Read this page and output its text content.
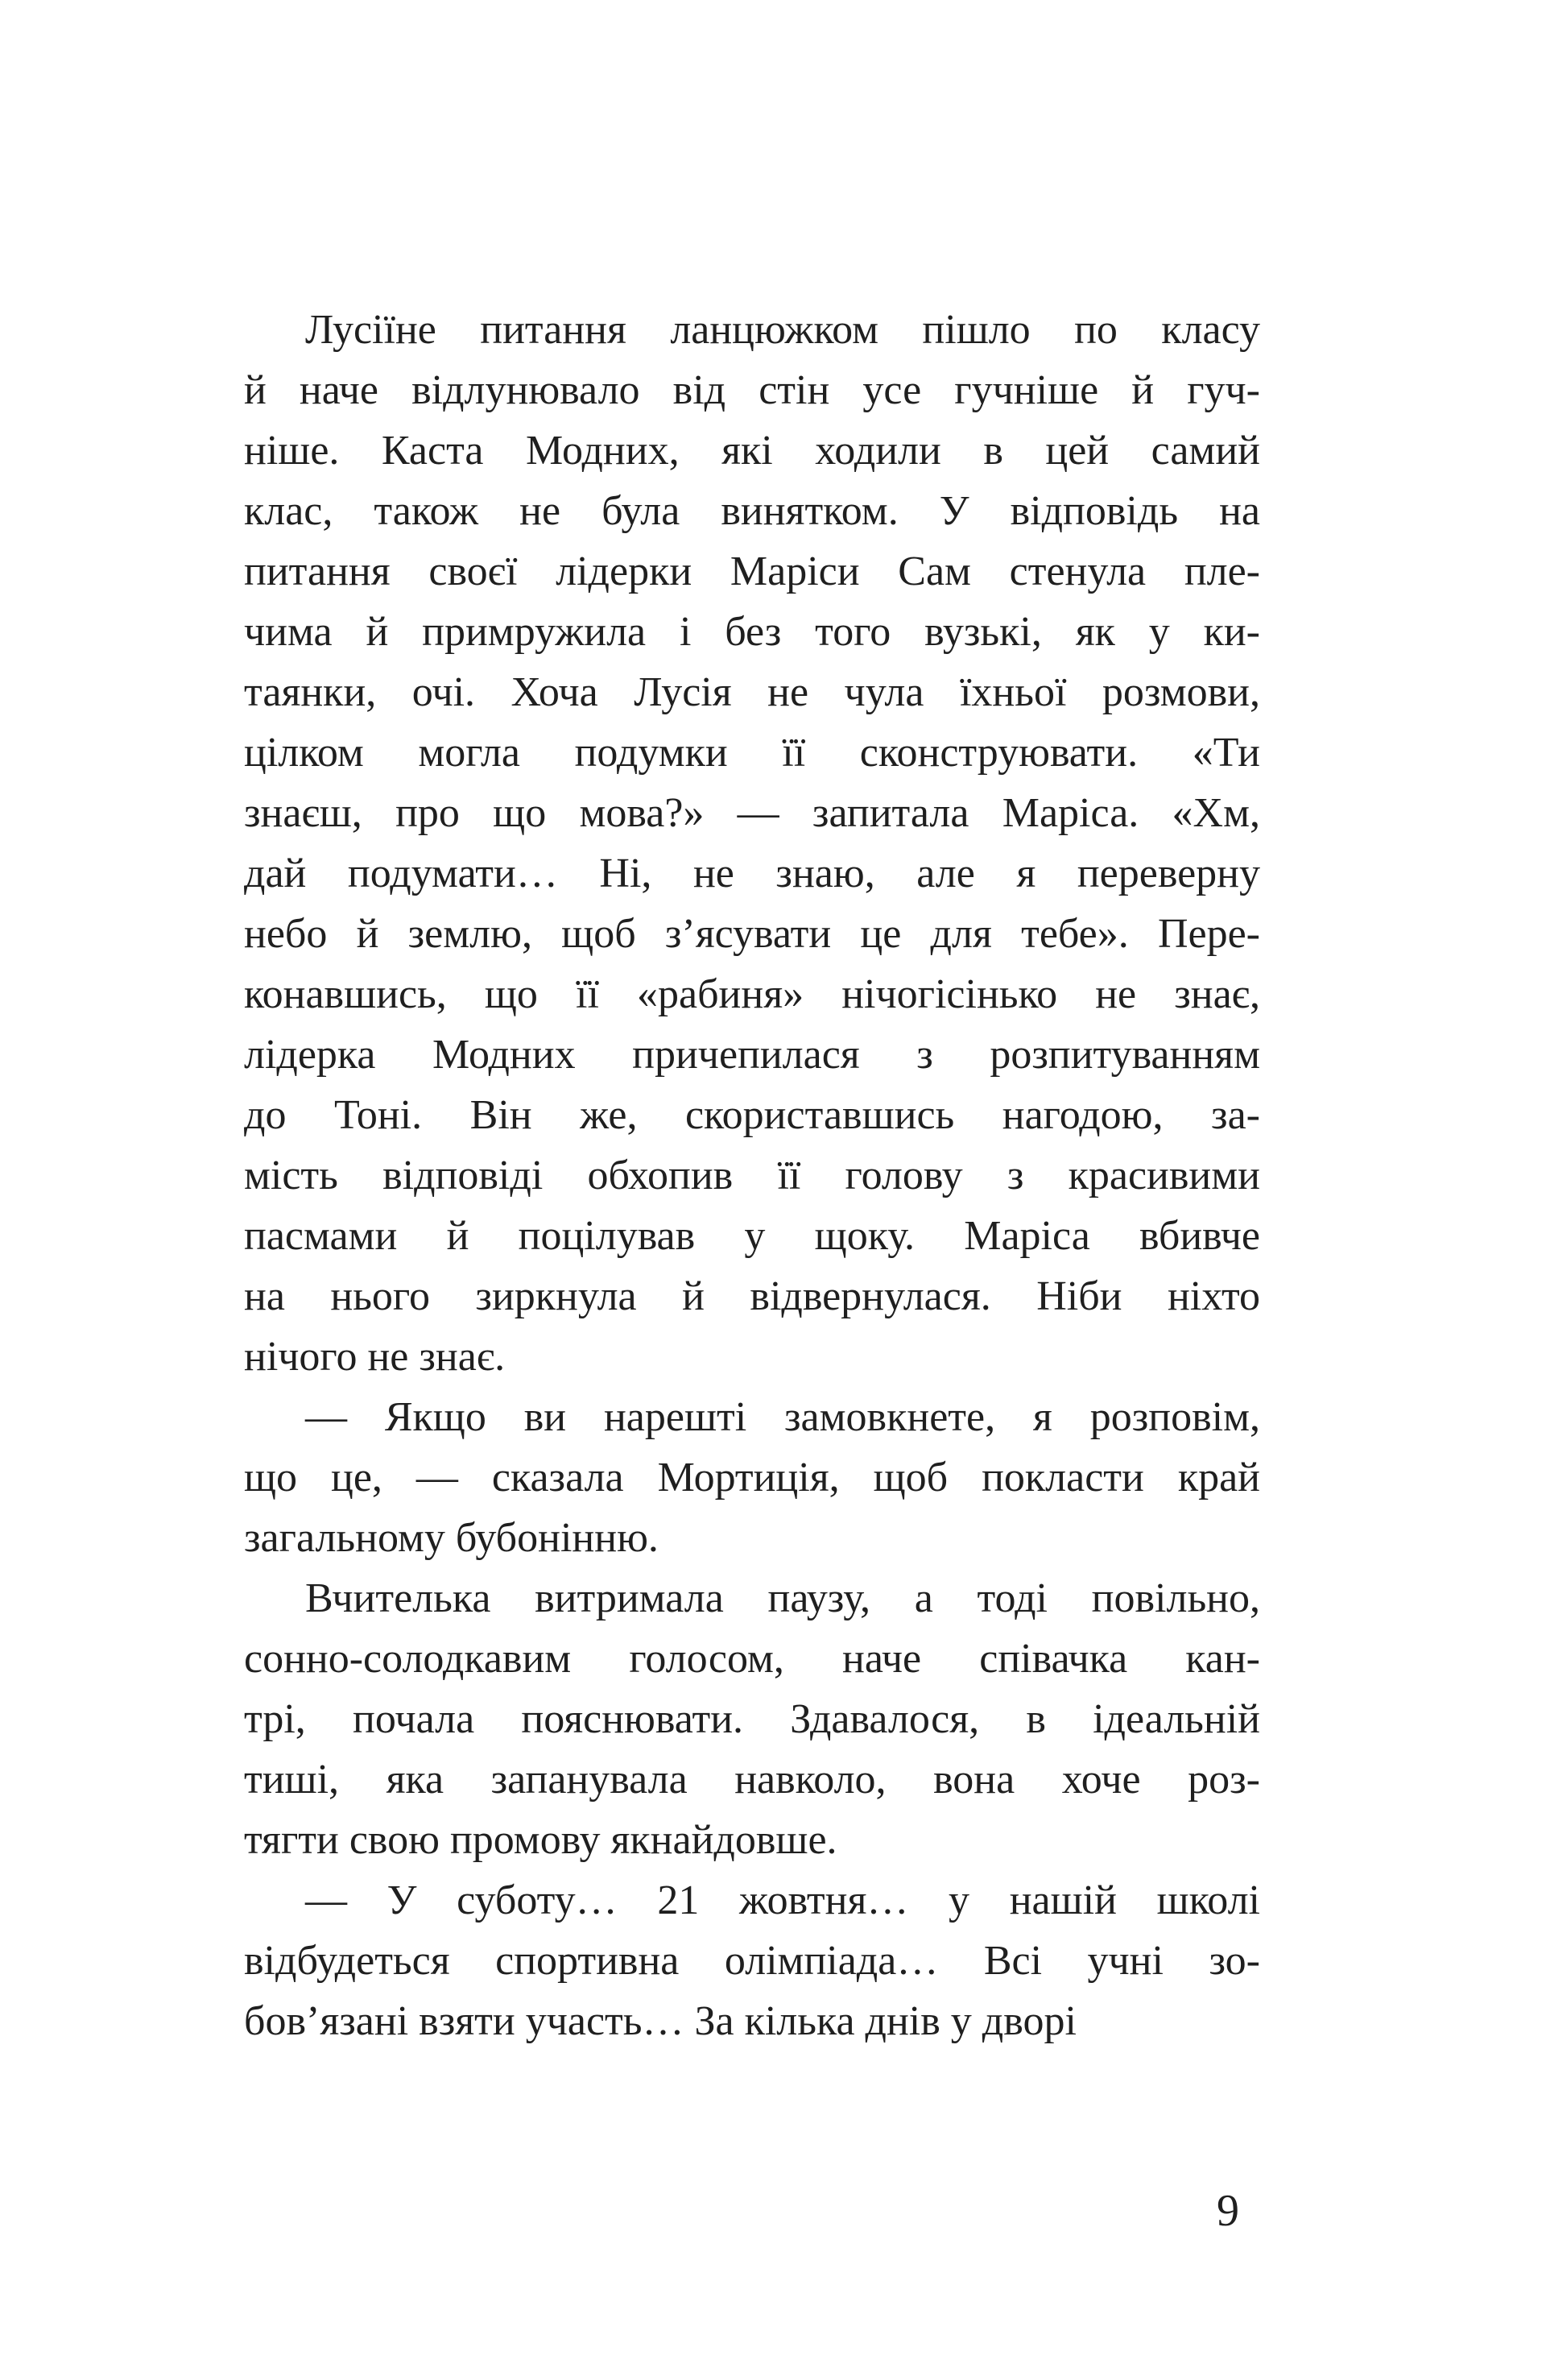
Лусіїне питання ланцюжком пішло по класу
й наче відлунювало від стін усе гучніше й гуч-
ніше. Каста Модних, які ходили в цей самий
клас, також не була винятком. У відповідь на
питання своєї лідерки Маріси Сам стенула пле-
чима й примружила і без того вузькі, як у ки-
таянки, очі. Хоча Лусія не чула їхньої розмови,
цілком могла подумки її сконструювати. «Ти
знаєш, про що мова?» — запитала Маріса. «Хм,
дай подумати… Ні, не знаю, але я переверну
небо й землю, щоб з’ясувати це для тебе». Пере-
конавшись, що її «рабиня» нічогісінько не знає,
лідерка Модних причепилася з розпитуванням
до Тоні. Він же, скориставшись нагодою, за-
мість відповіді обхопив її голову з красивими
пасмами й поцілував у щоку. Маріса вбивче
на нього зиркнула й відвернулася. Ніби ніхто
нічого не знає.
— Якщо ви нарешті замовкнете, я розповім,
що це, — сказала Мортиція, щоб покласти край
загальному бубонінню.
Вчителька витримала паузу, а тоді повільно,
сонно-солодкавим голосом, наче співачка кан-
трі, почала пояснювати. Здавалося, в ідеальній
тиші, яка запанувала навколо, вона хоче роз-
тягти свою промову якнайдовше.
— У суботу… 21 жовтня… у нашій школі
відбудеться спортивна олімпіада… Всі учні зо-
бов’язані взяти участь… За кілька днів у дворі
9
